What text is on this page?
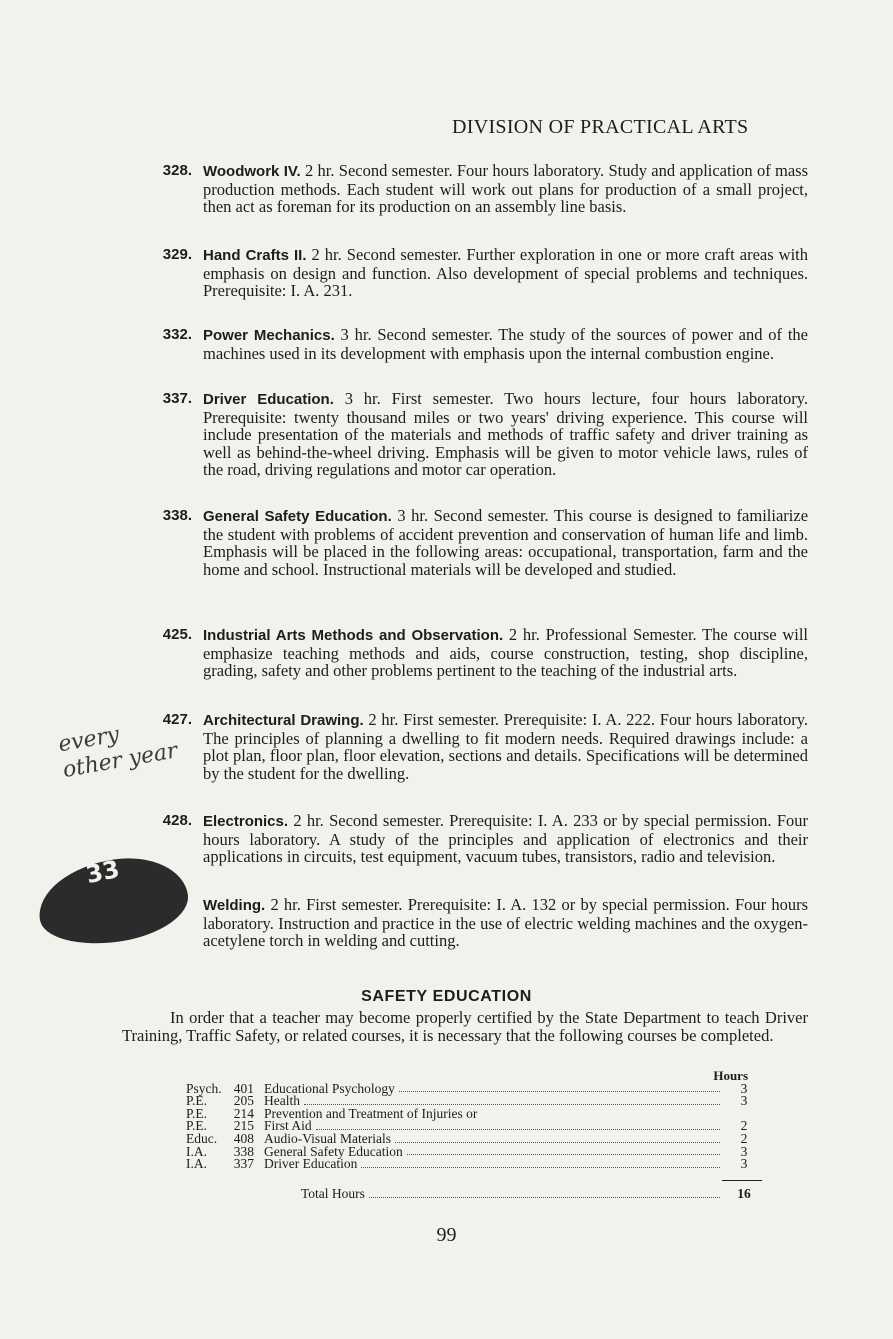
DIVISION OF PRACTICAL ARTS
328. Woodwork IV. 2 hr. Second semester. Four hours laboratory. Study and application of mass production methods. Each student will work out plans for production of a small project, then act as foreman for its production on an assembly line basis.
329. Hand Crafts II. 2 hr. Second semester. Further exploration in one or more craft areas with emphasis on design and function. Also development of special problems and techniques. Prerequisite: I. A. 231.
332. Power Mechanics. 3 hr. Second semester. The study of the sources of power and of the machines used in its development with emphasis upon the internal combustion engine.
337. Driver Education. 3 hr. First semester. Two hours lecture, four hours laboratory. Prerequisite: twenty thousand miles or two years' driving experience. This course will include presentation of the materials and methods of traffic safety and driver training as well as behind-the-wheel driving. Emphasis will be given to motor vehicle laws, rules of the road, driving regulations and motor car operation.
338. General Safety Education. 3 hr. Second semester. This course is designed to familiarize the student with problems of accident prevention and conservation of human life and limb. Emphasis will be placed in the following areas: occupational, transportation, farm and the home and school. Instructional materials will be developed and studied.
425. Industrial Arts Methods and Observation. 2 hr. Professional Semester. The course will emphasize teaching methods and aids, course construction, testing, shop discipline, grading, safety and other problems pertinent to the teaching of the industrial arts.
427. Architectural Drawing. 2 hr. First semester. Prerequisite: I. A. 222. Four hours laboratory. The principles of planning a dwelling to fit modern needs. Required drawings include: a plot plan, floor plan, floor elevation, sections and details. Specifications will be determined by the student for the dwelling.
428. Electronics. 2 hr. Second semester. Prerequisite: I. A. 233 or by special permission. Four hours laboratory. A study of the principles and application of electronics and their applications in circuits, test equipment, vacuum tubes, transistors, radio and television.
Welding. 2 hr. First semester. Prerequisite: I. A. 132 or by special permission. Four hours laboratory. Instruction and practice in the use of electric welding machines and the oxygen-acetylene torch in welding and cutting.
every other year
33
SAFETY EDUCATION
In order that a teacher may become properly certified by the State Department to teach Driver Training, Traffic Safety, or related courses, it is necessary that the following courses be completed.
Hours
Psych. 401 Educational Psychology	3
P.E.	205 Health	3
P.E.	214 Prevention and Treatment of Injuries or
P.E.	215 First Aid	2
Educ.	408 Audio-Visual Materials	2
I.A.	338 General Safety Education	3
I.A.	337 Driver Education	3
Total Hours	16
99
